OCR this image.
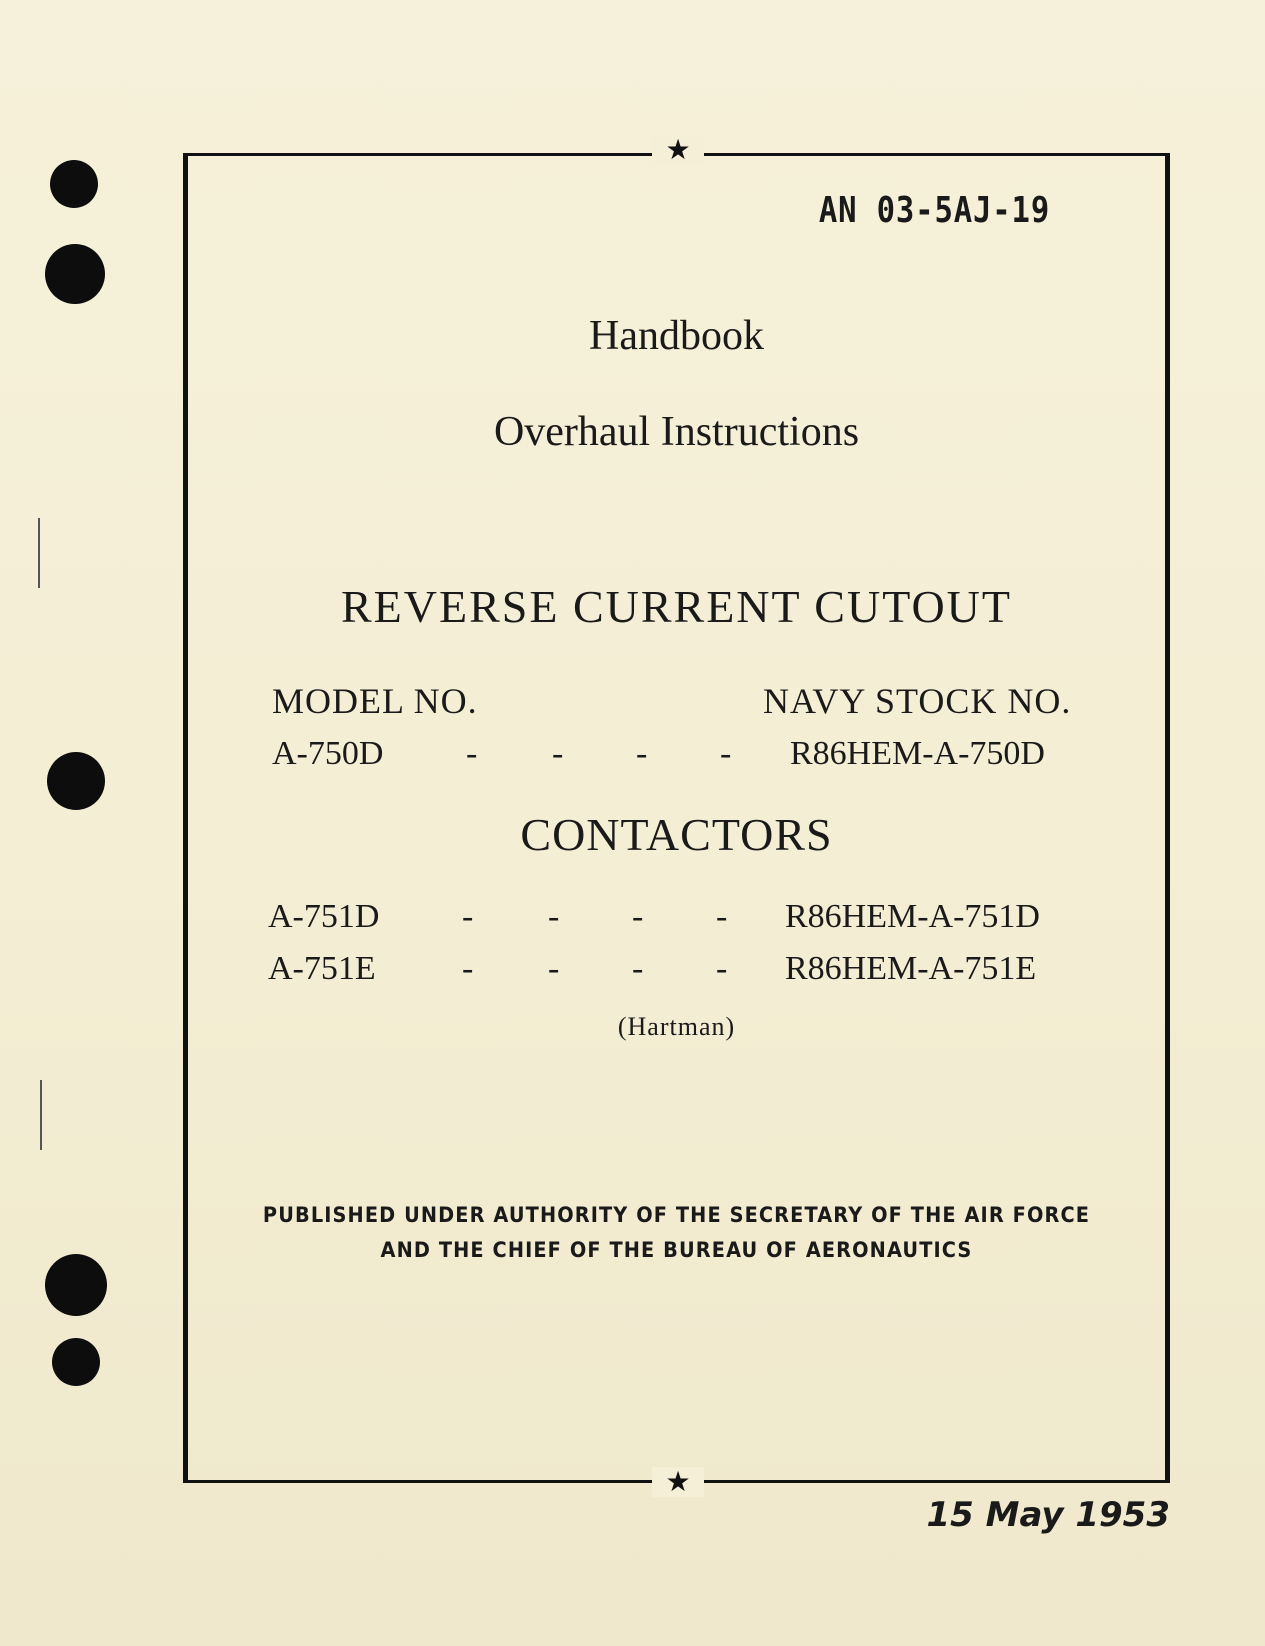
★
★
AN 03-5AJ-19
Handbook
Overhaul Instructions
REVERSE CURRENT CUTOUT
MODEL NO.	NAVY STOCK NO.
A-750D - - - - R86HEM-A-750D
CONTACTORS
A-751D - - - - R86HEM-A-751D
A-751E	- - - - R86HEM-A-751E
(Hartman)
PUBLISHED UNDER AUTHORITY OF THE SECRETARY OF THE AIR FORCE
AND THE CHIEF OF THE BUREAU OF AERONAUTICS
15 May 1953
